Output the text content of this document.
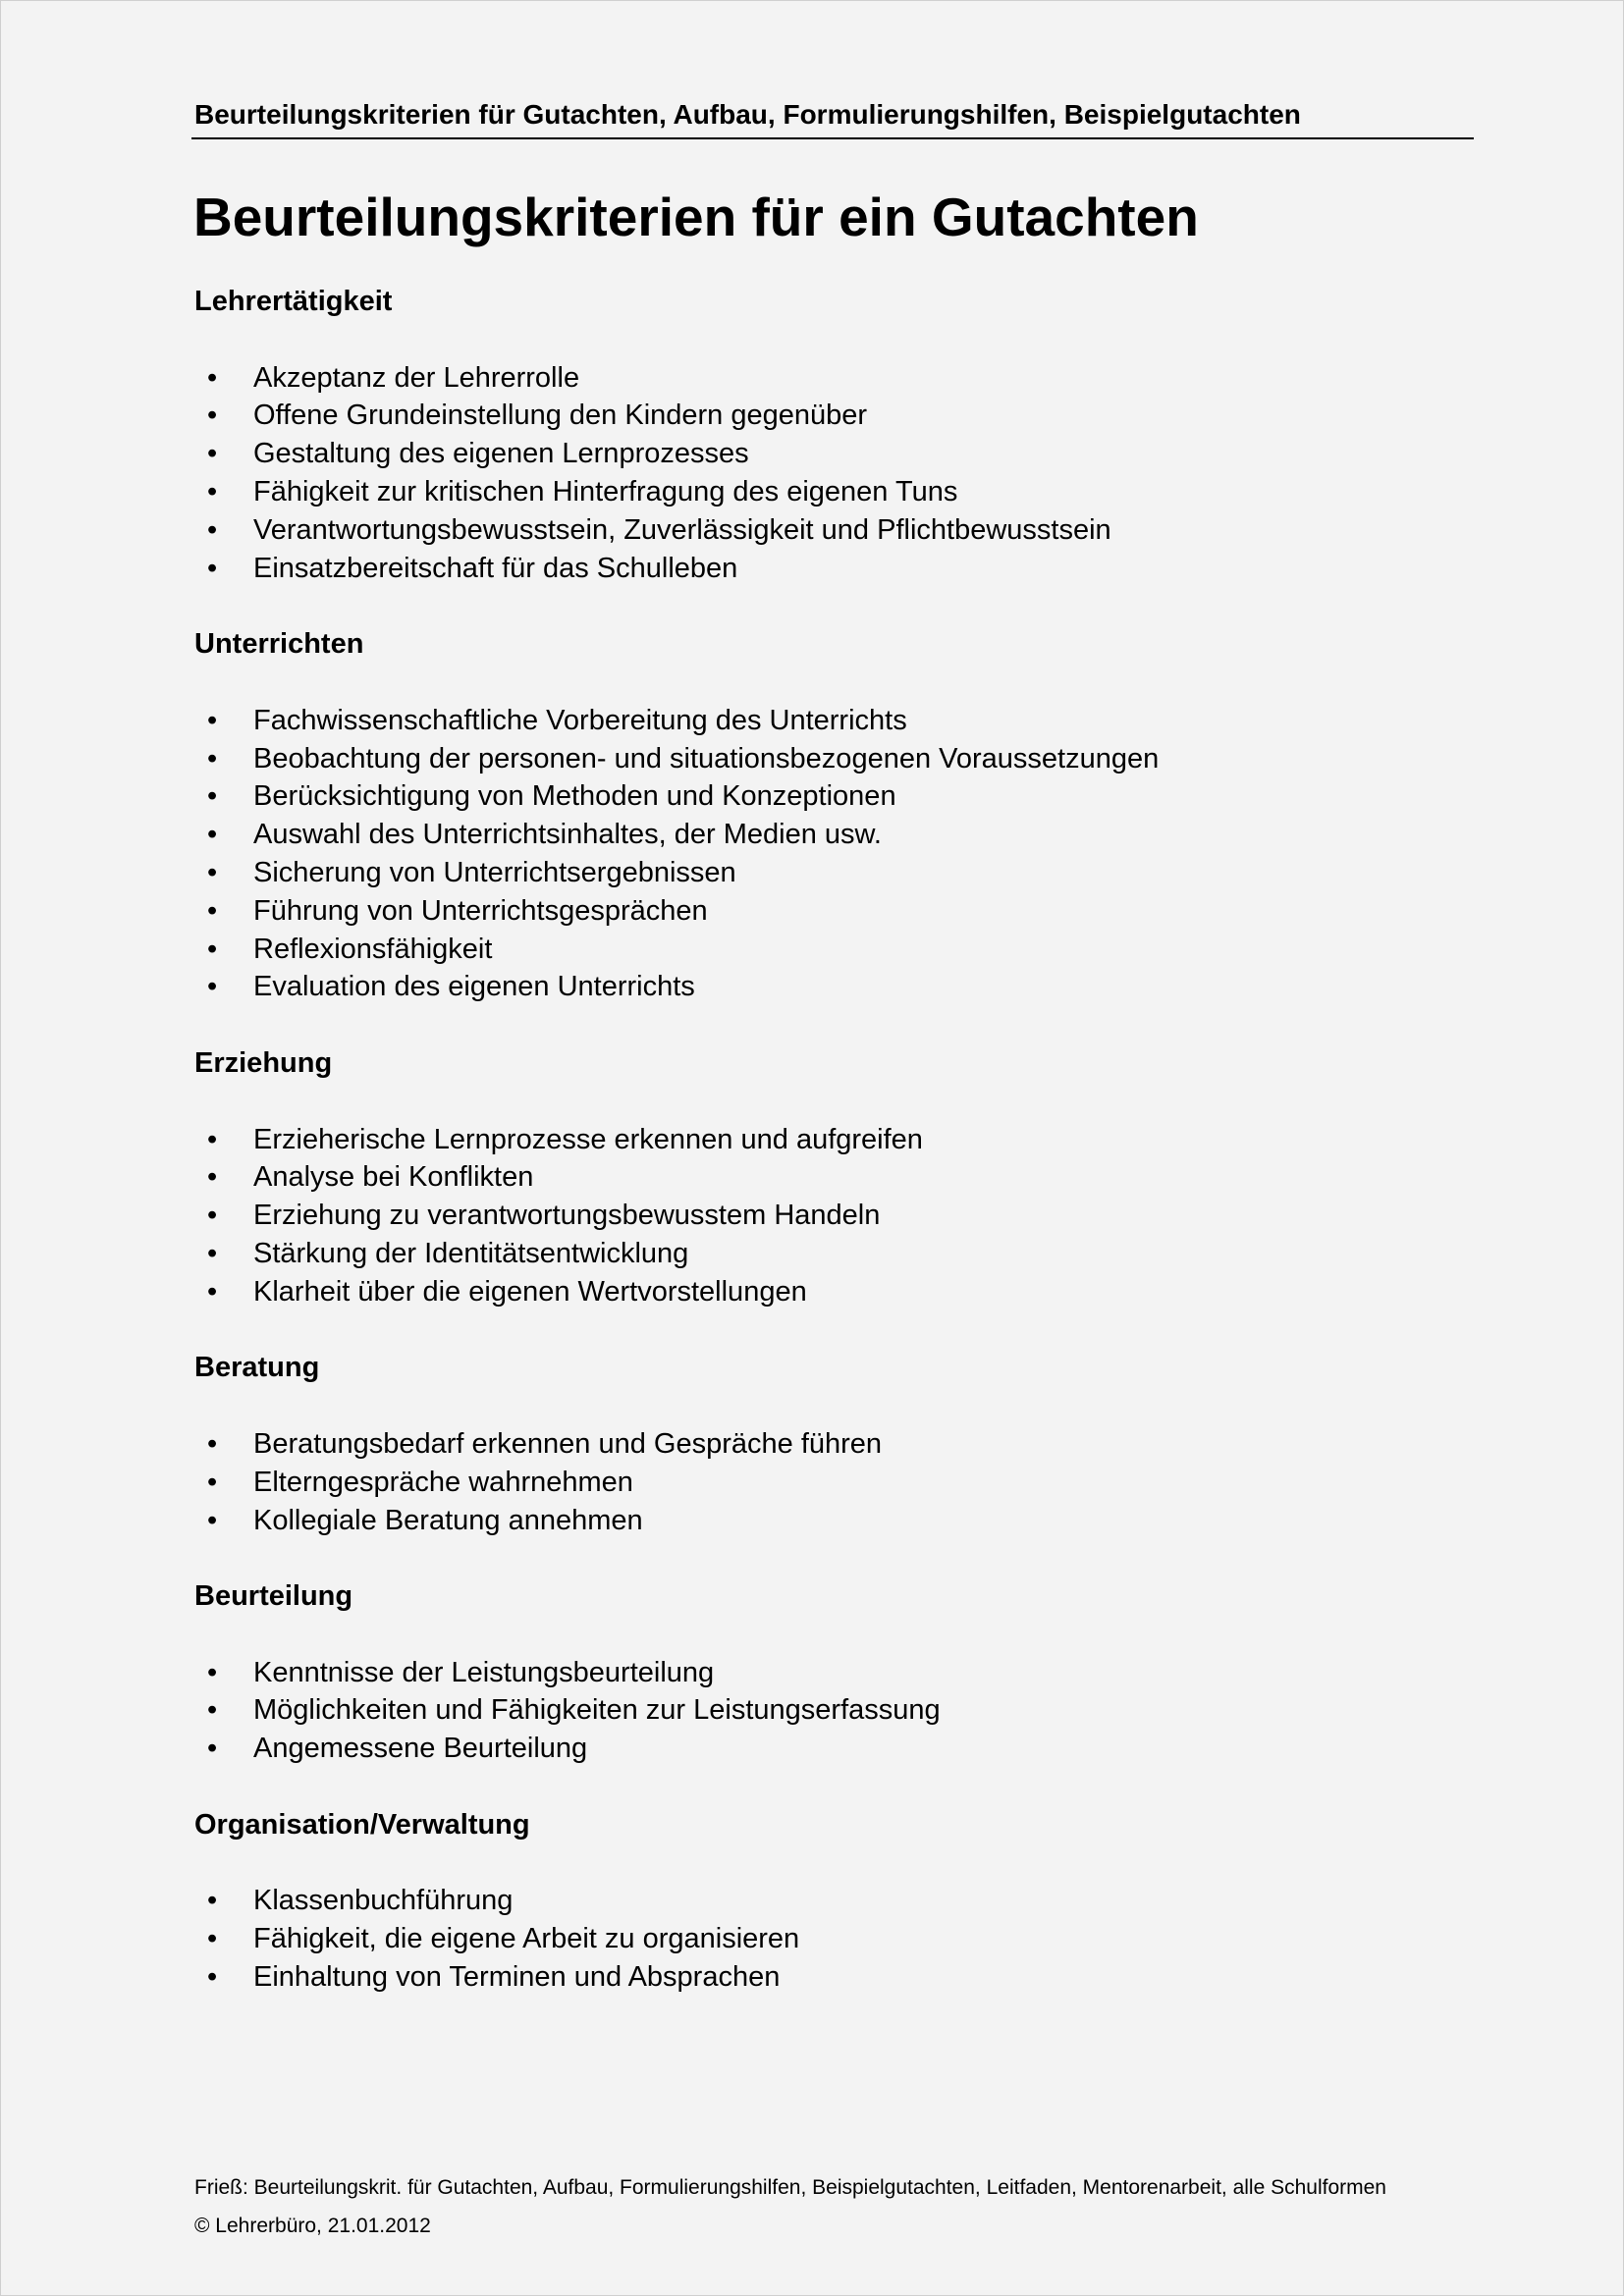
Beurteilungskriterien für Gutachten, Aufbau, Formulierungshilfen, Beispielgutachten
Beurteilungskriterien für ein Gutachten
Lehrertätigkeit
• Akzeptanz der Lehrerrolle
• Offene Grundeinstellung den Kindern gegenüber
• Gestaltung des eigenen Lernprozesses
• Fähigkeit zur kritischen Hinterfragung des eigenen Tuns
• Verantwortungsbewusstsein, Zuverlässigkeit und Pflichtbewusstsein
• Einsatzbereitschaft für das Schulleben
Unterrichten
• Fachwissenschaftliche Vorbereitung des Unterrichts
• Beobachtung der personen- und situationsbezogenen Voraussetzungen
• Berücksichtigung von Methoden und Konzeptionen
• Auswahl des Unterrichtsinhaltes, der Medien usw.
• Sicherung von Unterrichtsergebnissen
• Führung von Unterrichtsgesprächen
• Reflexionsfähigkeit
• Evaluation des eigenen Unterrichts
Erziehung
• Erzieherische Lernprozesse erkennen und aufgreifen
• Analyse bei Konflikten
• Erziehung zu verantwortungsbewusstem Handeln
• Stärkung der Identitätsentwicklung
• Klarheit über die eigenen Wertvorstellungen
Beratung
• Beratungsbedarf erkennen und Gespräche führen
• Elterngespräche wahrnehmen
• Kollegiale Beratung annehmen
Beurteilung
• Kenntnisse der Leistungsbeurteilung
• Möglichkeiten und Fähigkeiten zur Leistungserfassung
• Angemessene Beurteilung
Organisation/Verwaltung
• Klassenbuchführung
• Fähigkeit, die eigene Arbeit zu organisieren
• Einhaltung von Terminen und Absprachen
Frieß: Beurteilungskrit. für Gutachten, Aufbau, Formulierungshilfen, Beispielgutachten, Leitfaden, Mentorenarbeit, alle Schulformen
© Lehrerbüro, 21.01.2012
